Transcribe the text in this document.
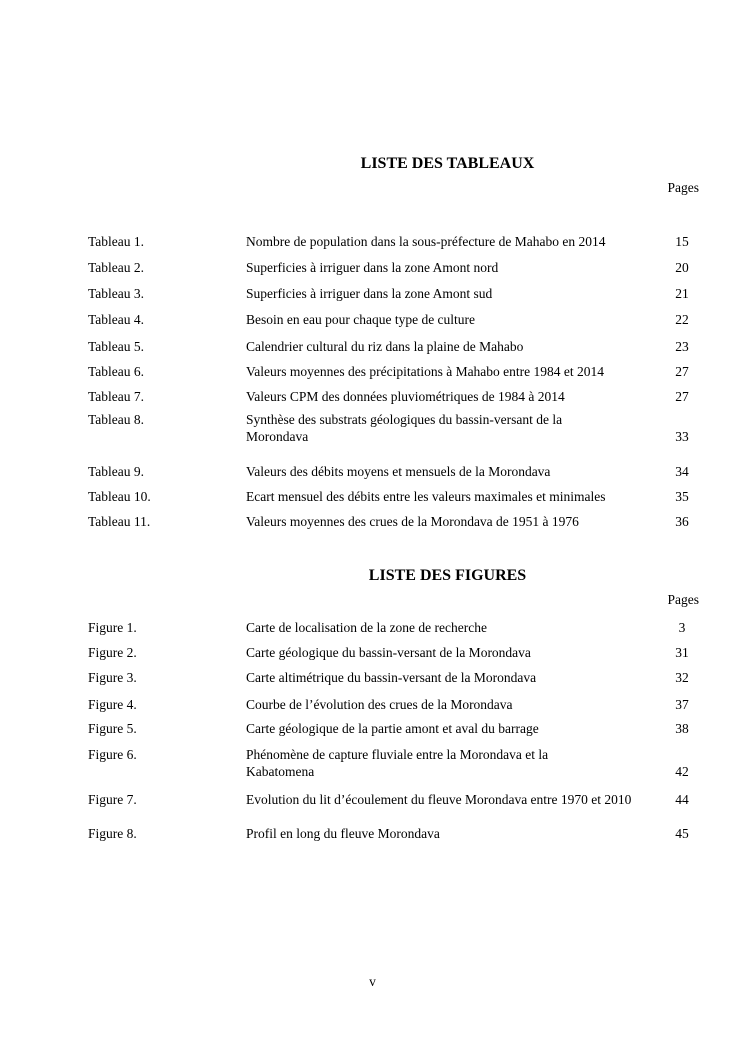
LISTE DES TABLEAUX
Pages
Tableau 1.	Nombre de population dans la sous-préfecture de Mahabo en 2014	15
Tableau 2.	Superficies à irriguer dans la zone Amont nord	20
Tableau 3.	Superficies à irriguer dans la zone Amont sud	21
Tableau 4.	Besoin en eau pour chaque type de culture	22
Tableau 5.	Calendrier cultural du riz dans la plaine de Mahabo	23
Tableau 6.	Valeurs moyennes des précipitations à Mahabo entre 1984 et 2014	27
Tableau 7.	Valeurs CPM des données pluviométriques de 1984 à 2014	27
Tableau 8.	Synthèse des substrats géologiques du bassin-versant de la Morondava	33
Tableau 9.	Valeurs des débits moyens et mensuels de la Morondava	34
Tableau 10.	Ecart mensuel des débits entre les valeurs maximales et minimales	35
Tableau 11.	Valeurs moyennes des crues de la Morondava de 1951 à 1976	36
LISTE DES FIGURES
Pages
Figure 1.	Carte de localisation de la zone de recherche	3
Figure 2.	Carte géologique du bassin-versant de la Morondava	31
Figure 3.	Carte altimétrique du bassin-versant de la Morondava	32
Figure 4.	Courbe de l’évolution des crues de la Morondava	37
Figure 5.	Carte géologique de la partie amont et aval du barrage	38
Figure 6.	Phénomène de capture fluviale entre la Morondava et la Kabatomena	42
Figure 7.	Evolution du lit d’écoulement du fleuve Morondava entre 1970 et 2010	44
Figure 8.	Profil en long du fleuve Morondava	45
v
